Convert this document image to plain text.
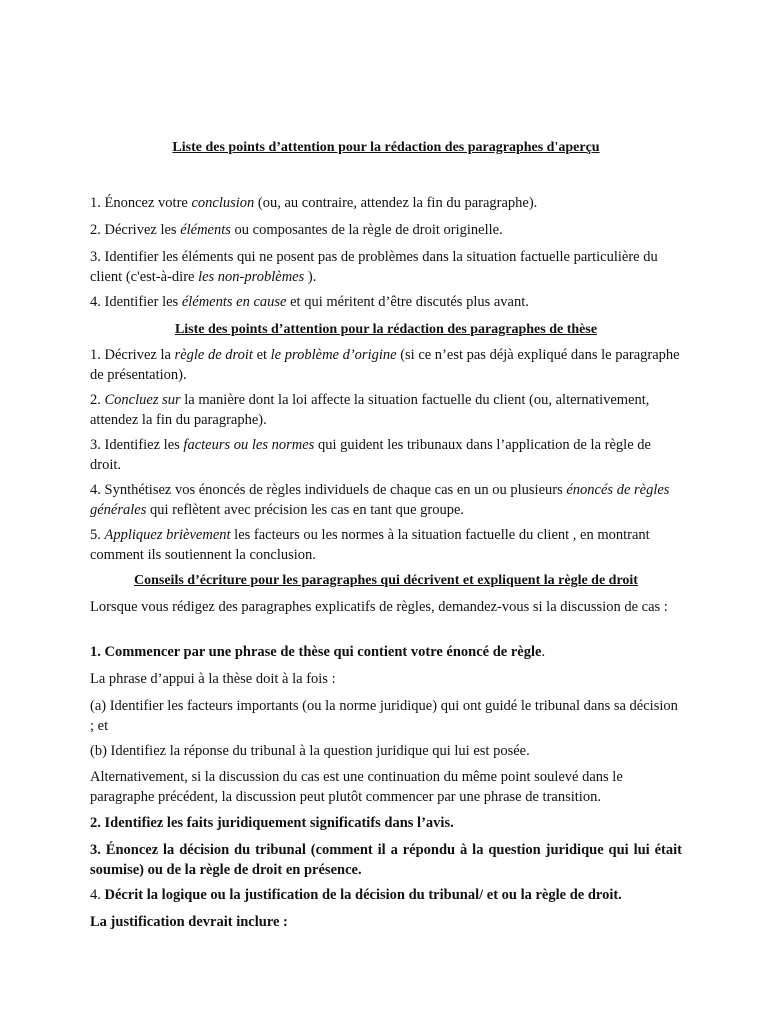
Liste des points d’attention pour la rédaction des paragraphes d'aperçu

1. Énoncez votre conclusion (ou, au contraire, attendez la fin du paragraphe).

2. Décrivez les éléments ou composantes de la règle de droit originelle.

3. Identifier les éléments qui ne posent pas de problèmes dans la situation factuelle particulière du client (c'est-à-dire les non-problèmes ).

4. Identifier les éléments en cause et qui méritent d’être discutés plus avant.

Liste des points d’attention pour la rédaction des paragraphes de thèse

1. Décrivez la règle de droit et le problème d’origine (si ce n’est pas déjà expliqué dans le paragraphe de présentation).

2. Concluez sur la manière dont la loi affecte la situation factuelle du client (ou, alternativement, attendez la fin du paragraphe).

3. Identifiez les facteurs ou les normes qui guident les tribunaux dans l’application de la règle de droit.

4. Synthétisez vos énoncés de règles individuels de chaque cas en un ou plusieurs énoncés de règles générales qui reflètent avec précision les cas en tant que groupe.

5. Appliquez brièvement les facteurs ou les normes à la situation factuelle du client , en montrant comment ils soutiennent la conclusion.

Conseils d’écriture pour les paragraphes qui décrivent et expliquent la règle de droit

Lorsque vous rédigez des paragraphes explicatifs de règles, demandez-vous si la discussion de cas :

1. Commencer par une phrase de thèse qui contient votre énoncé de règle.

La phrase d’appui à la thèse doit à la fois :

(a) Identifier les facteurs importants (ou la norme juridique) qui ont guidé le tribunal dans sa décision ; et

(b) Identifiez la réponse du tribunal à la question juridique qui lui est posée.

Alternativement, si la discussion du cas est une continuation du même point soulevé dans le paragraphe précédent, la discussion peut plutôt commencer par une phrase de transition.

2. Identifiez les faits juridiquement significatifs dans l’avis.

3. Énoncez la décision du tribunal (comment il a répondu à la question juridique qui lui était soumise) ou de la règle de droit en présence.

4. Décrit la logique ou la justification de la décision du tribunal/ et ou la règle de droit.

La justification devrait inclure :
